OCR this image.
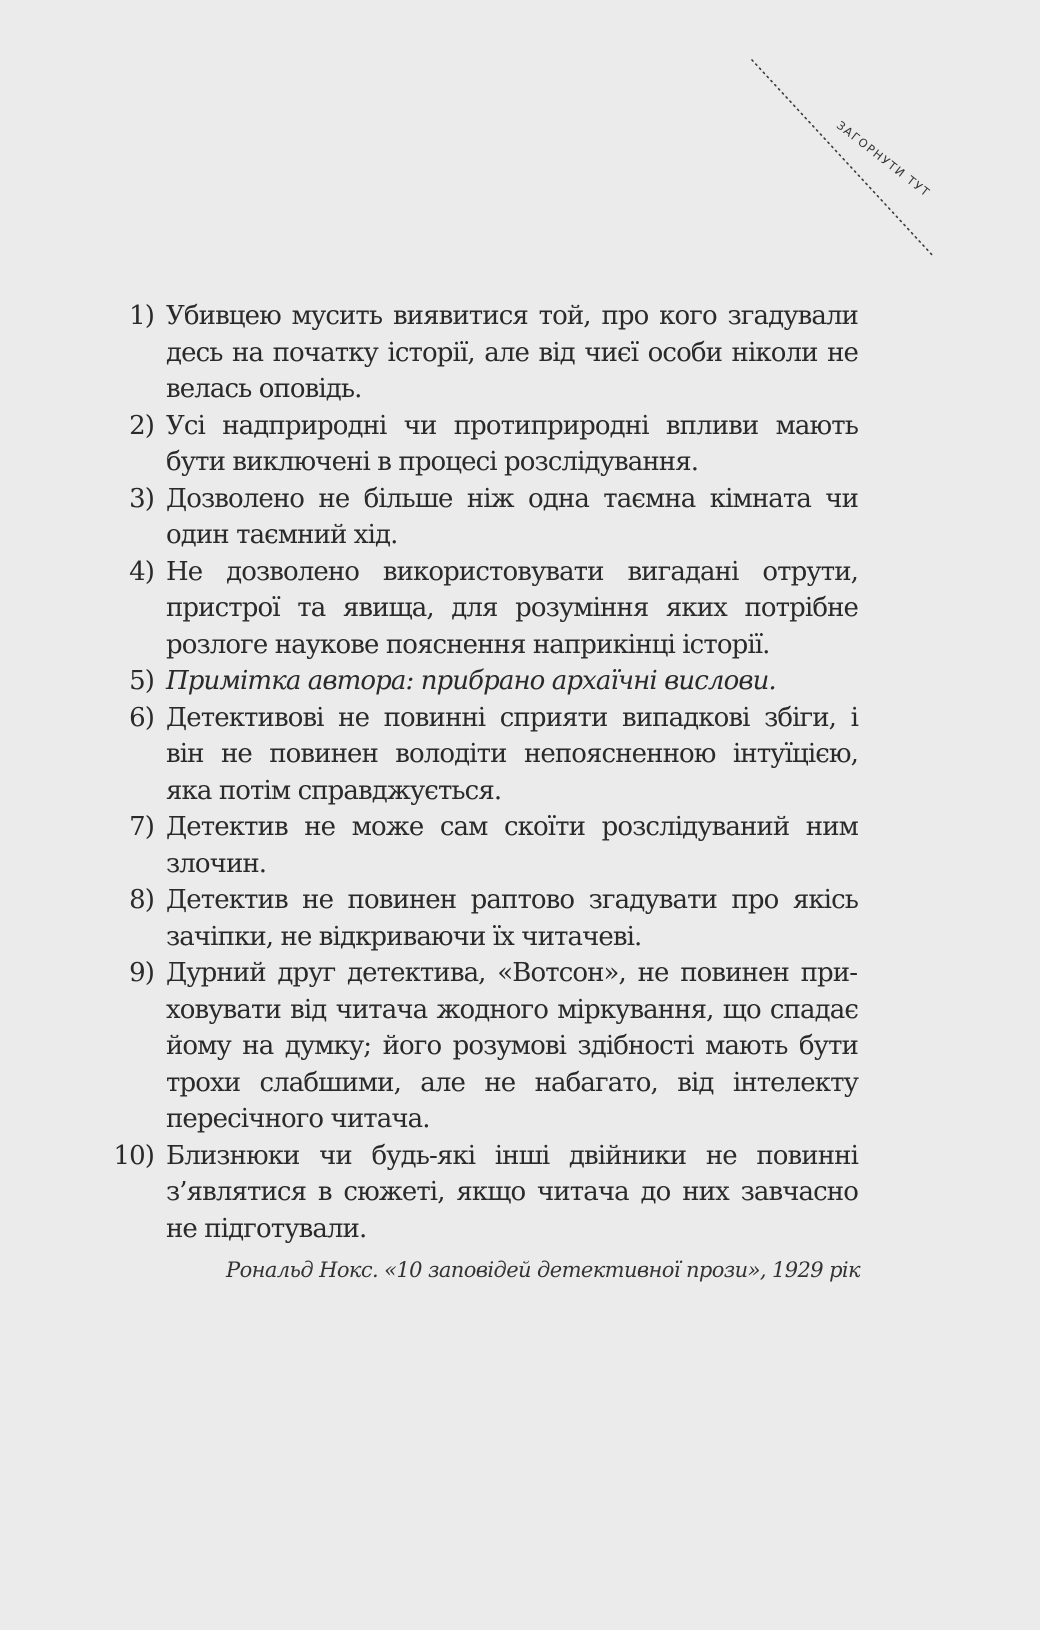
ЗАГОРНУТИ ТУТ
1) Убивцею мусить виявитися той, про кого згадували десь на початку історії, але від чиєї особи ніколи не велась оповідь.
2) Усі надприродні чи протиприродні впливи мають бути виключені в процесі розслідування.
3) Дозволено не більше ніж одна таємна кімната чи один таємний хід.
4) Не дозволено використовувати вигадані отрути, пристрої та явища, для розуміння яких потрібне розлоге наукове пояснення наприкінці історії.
5) Примітка автора: прибрано архаїчні вислови.
6) Детективові не повинні сприяти випадкові збіги, і він не повинен володіти непоясненною інтуїцією, яка потім справджується.
7) Детектив не може сам скоїти розслідуваний ним злочин.
8) Детектив не повинен раптово згадувати про якісь зачіпки, не відкриваючи їх читачеві.
9) Дурний друг детектива, «Вотсон», не повинен приховувати від читача жодного міркування, що спадає йому на думку; його розумові здібності мають бути трохи слабшими, але не набагато, від інтелекту пересічного читача.
10) Близнюки чи будь-які інші двійники не повинні з’являтися в сюжеті, якщо читача до них завчасно не підготували.
Рональд Нокс. «10 заповідей детективної прози», 1929 рік
